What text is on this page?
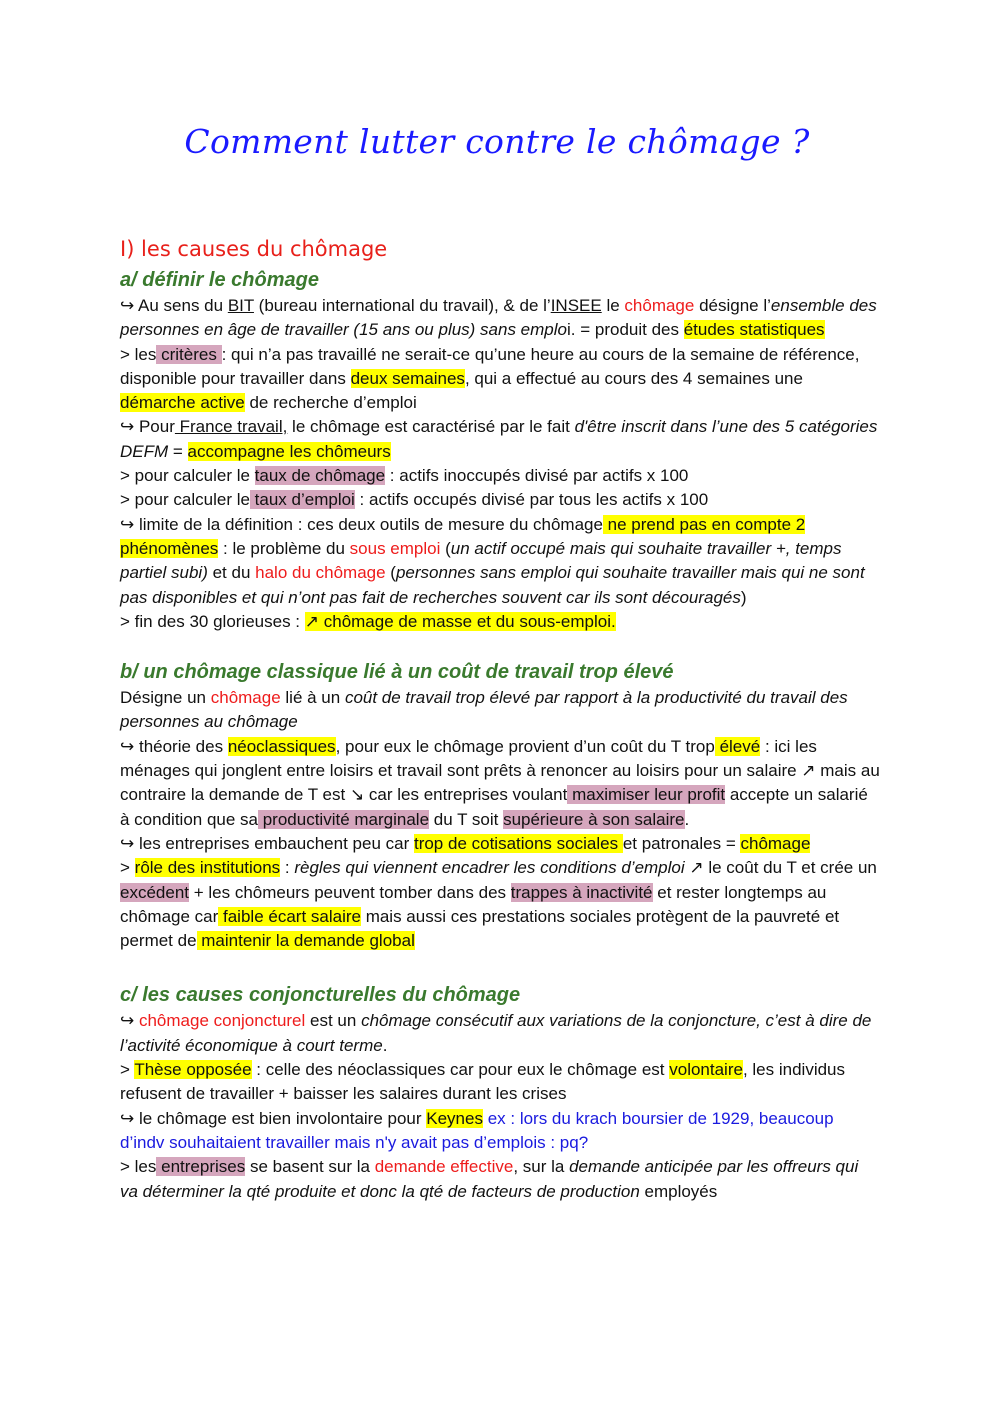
Comment lutter contre le chômage ?

I) les causes du chômage

a/ définir le chômage

↪ Au sens du BIT (bureau international du travail), & de l’INSEE le chômage désigne l’ensemble des personnes en âge de travailler (15 ans ou plus) sans emploi. = produit des études statistiques

> les critères : qui n’a pas travaillé ne serait-ce qu’une heure au cours de la semaine de référence, disponible pour travailler dans deux semaines, qui a effectué au cours des 4 semaines une démarche active de recherche d’emploi

↪ Pour France travail, le chômage est caractérisé par le fait d'être inscrit dans l’une des 5 catégories DEFM = accompagne les chômeurs

> pour calculer le taux de chômage : actifs inoccupés divisé par actifs x 100

> pour calculer le taux d’emploi : actifs occupés divisé par tous les actifs x 100

↪ limite de la définition : ces deux outils de mesure du chômage ne prend pas en compte 2 phénomènes : le problème du sous emploi (un actif occupé mais qui souhaite travailler +, temps partiel subi) et du halo du chômage (personnes sans emploi qui souhaite travailler mais qui ne sont pas disponibles et qui n’ont pas fait de recherches souvent car ils sont découragés)

> fin des 30 glorieuses : ↗ chômage de masse et du sous-emploi.

b/ un chômage classique lié à un coût de travail trop élevé

Désigne un chômage lié à un coût de travail trop élevé par rapport à la productivité du travail des personnes au chômage

↪ théorie des néoclassiques, pour eux le chômage provient d’un coût du T trop élevé : ici les ménages qui jonglent entre loisirs et travail sont prêts à renoncer au loisirs pour un salaire ↗ mais au contraire la demande de T est ↘ car les entreprises voulant maximiser leur profit accepte un salarié à condition que sa productivité marginale du T soit supérieure à son salaire.

↪ les entreprises embauchent peu car trop de cotisations sociales et patronales = chômage

> rôle des institutions : règles qui viennent encadrer les conditions d’emploi ↗ le coût du T et crée un excédent + les chômeurs peuvent tomber dans des trappes à inactivité et rester longtemps au chômage car faible écart salaire mais aussi ces prestations sociales protègent de la pauvreté et permet de maintenir la demande global

c/ les causes conjoncturelles du chômage

↪ chômage conjoncturel est un chômage consécutif aux variations de la conjoncture, c’est à dire de l’activité économique à court terme.

> Thèse opposée : celle des néoclassiques car pour eux le chômage est volontaire, les individus refusent de travailler + baisser les salaires durant les crises

↪ le chômage est bien involontaire pour Keynes ex : lors du krach boursier de 1929, beaucoup d’indv souhaitaient travailler mais n'y avait pas d’emplois : pq?

> les entreprises se basent sur la demande effective, sur la demande anticipée par les offreurs qui va déterminer la qté produite et donc la qté de facteurs de production employés
